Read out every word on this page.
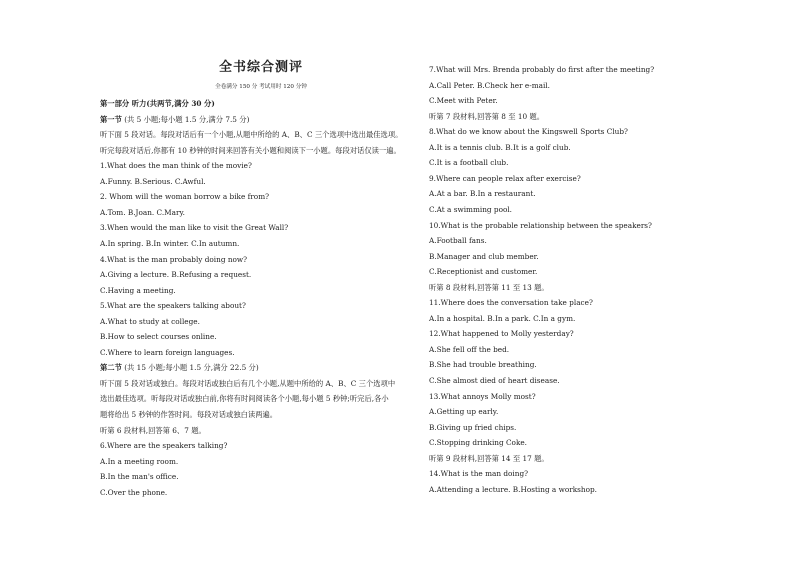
全书综合测评
全卷满分 150 分 考试用时 120 分钟
第一部分 听力(共两节,满分 30 分)
第一节 (共 5 小题;每小题 1.5 分,满分 7.5 分)
听下面 5 段对话。每段对话后有一个小题,从题中所给的 A、B、C 三个选项中选出最佳选项。
听完每段对话后,你都有 10 秒钟的时间来回答有关小题和阅读下一小题。每段对话仅读一遍。
1.What does the man think of the movie?
A.Funny. B.Serious. C.Awful.
2. Whom will the woman borrow a bike from?
A.Tom. B.Joan. C.Mary.
3.When would the man like to visit the Great Wall?
A.In spring. B.In winter. C.In autumn.
4.What is the man probably doing now?
A.Giving a lecture. B.Refusing a request.
C.Having a meeting.
5.What are the speakers talking about?
A.What to study at college.
B.How to select courses online.
C.Where to learn foreign languages.
第二节 (共 15 小题;每小题 1.5 分,满分 22.5 分)
听下面 5 段对话或独白。每段对话或独白后有几个小题,从题中所给的 A、B、C 三个选项中
选出最佳选项。听每段对话或独白前,你将有时间阅读各个小题,每小题 5 秒钟;听完后,各小
题将给出 5 秒钟的作答时间。每段对话或独白读两遍。
听第 6 段材料,回答第 6、7 题。
6.Where are the speakers talking?
A.In a meeting room.
B.In the man's office.
C.Over the phone.
7.What will Mrs. Brenda probably do first after the meeting?
A.Call Peter. B.Check her e-mail.
C.Meet with Peter.
听第 7 段材料,回答第 8 至 10 题。
8.What do we know about the Kingswell Sports Club?
A.It is a tennis club. B.It is a golf club.
C.It is a football club.
9.Where can people relax after exercise?
A.At a bar. B.In a restaurant.
C.At a swimming pool.
10.What is the probable relationship between the speakers?
A.Football fans.
B.Manager and club member.
C.Receptionist and customer.
听第 8 段材料,回答第 11 至 13 题。
11.Where does the conversation take place?
A.In a hospital. B.In a park. C.In a gym.
12.What happened to Molly yesterday?
A.She fell off the bed.
B.She had trouble breathing.
C.She almost died of heart disease.
13.What annoys Molly most?
A.Getting up early.
B.Giving up fried chips.
C.Stopping drinking Coke.
听第 9 段材料,回答第 14 至 17 题。
14.What is the man doing?
A.Attending a lecture. B.Hosting a workshop.
